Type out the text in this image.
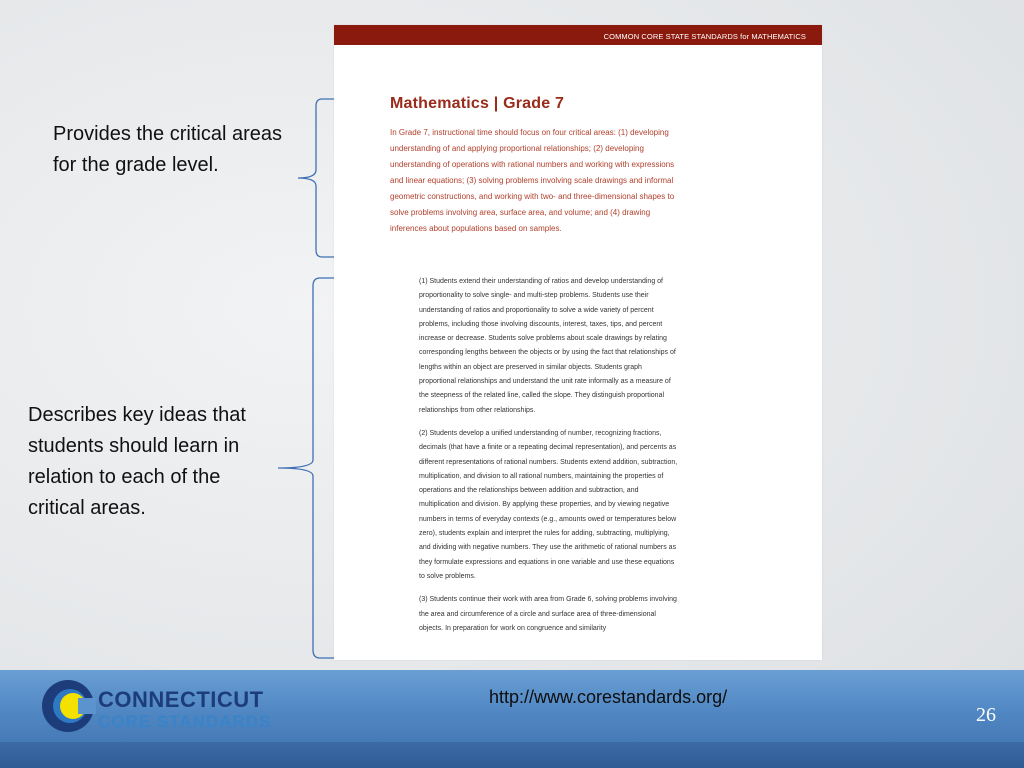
COMMON CORE STATE STANDARDS for MATHEMATICS
Mathematics | Grade 7
In Grade 7, instructional time should focus on four critical areas: (1) developing understanding of and applying proportional relationships; (2) developing understanding of operations with rational numbers and working with expressions and linear equations; (3) solving problems involving scale drawings and informal geometric constructions, and working with two- and three-dimensional shapes to solve problems involving area, surface area, and volume; and (4) drawing inferences about populations based on samples.

(1) Students extend their understanding of ratios and develop understanding of proportionality to solve single- and multi-step problems. Students use their understanding of ratios and proportionality to solve a wide variety of percent problems, including those involving discounts, interest, taxes, tips, and percent increase or decrease. Students solve problems about scale drawings by relating corresponding lengths between the objects or by using the fact that relationships of lengths within an object are preserved in similar objects. Students graph proportional relationships and understand the unit rate informally as a measure of the steepness of the related line, called the slope. They distinguish proportional relationships from other relationships.

(2) Students develop a unified understanding of number, recognizing fractions, decimals (that have a finite or a repeating decimal representation), and percents as different representations of rational numbers. Students extend addition, subtraction, multiplication, and division to all rational numbers, maintaining the properties of operations and the relationships between addition and subtraction, and multiplication and division. By applying these properties, and by viewing negative numbers in terms of everyday contexts (e.g., amounts owed or temperatures below zero), students explain and interpret the rules for adding, subtracting, multiplying, and dividing with negative numbers. They use the arithmetic of rational numbers as they formulate expressions and equations in one variable and use these equations to solve problems.

(3) Students continue their work with area from Grade 6, solving problems involving the area and circumference of a circle and surface area of three-dimensional objects. In preparation for work on congruence and similarity

Provides the critical areas for the grade level.

Describes key ideas that students should learn in relation to each of the critical areas.

CONNECTICUT
CORE STANDARDS
http://www.corestandards.org/
26
